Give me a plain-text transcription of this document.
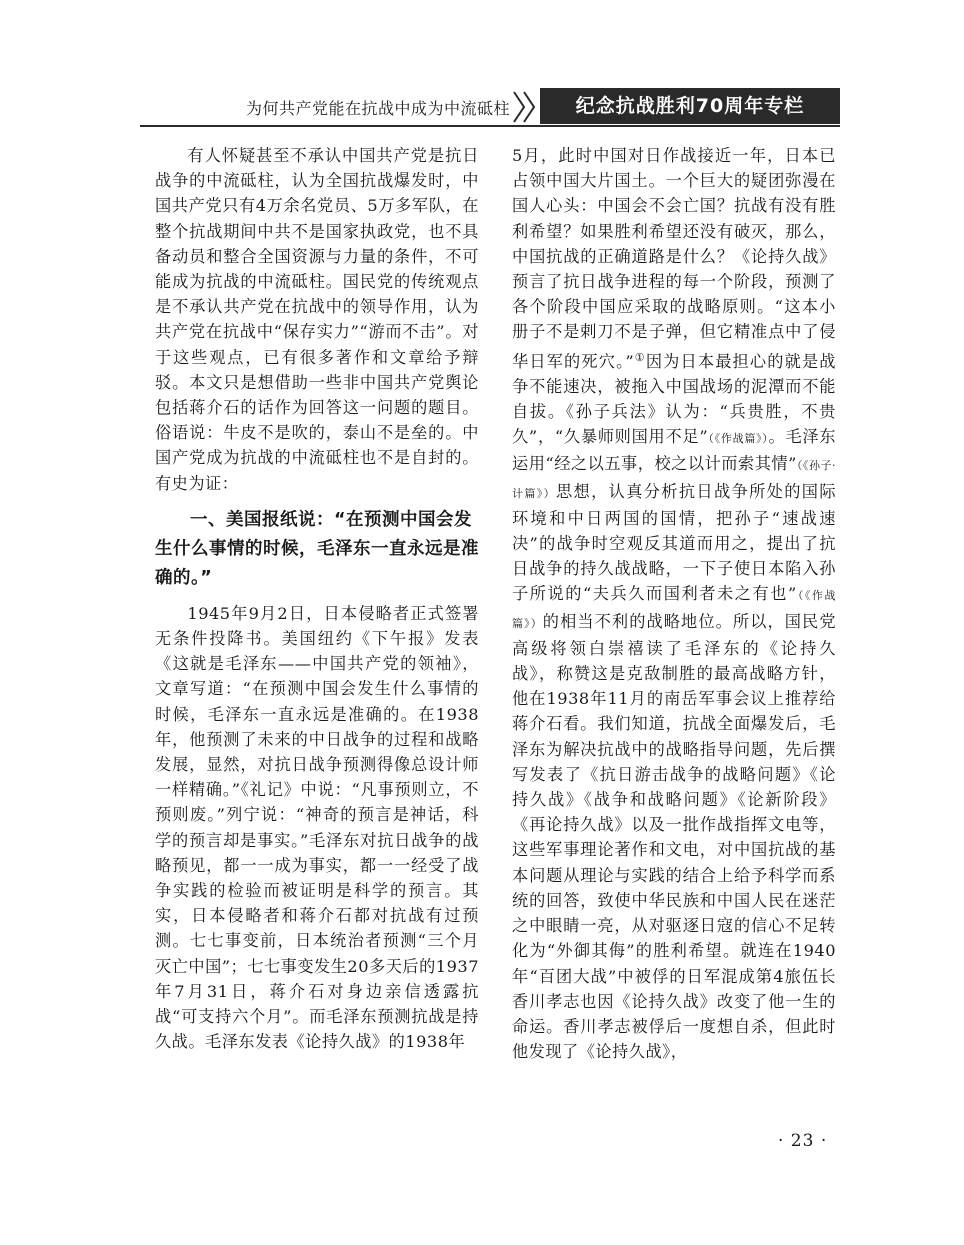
为何共产党能在抗战中成为中流砥柱	纪念抗战胜利70周年专栏

有人怀疑甚至不承认中国共产党是抗日战争的中流砥柱，认为全国抗战爆发时，中国共产党只有4万余名党员、5万多军队，在整个抗战期间中共不是国家执政党，也不具备动员和整合全国资源与力量的条件，不可能成为抗战的中流砥柱。国民党的传统观点是不承认共产党在抗战中的领导作用，认为共产党在抗战中“保存实力”“游而不击”。对于这些观点，已有很多著作和文章给予辩驳。本文只是想借助一些非中国共产党舆论包括蒋介石的话作为回答这一问题的题目。俗语说：牛皮不是吹的，泰山不是垒的。中国产党成为抗战的中流砥柱也不是自封的。有史为证：

一、美国报纸说：“在预测中国会发生什么事情的时候，毛泽东一直永远是准确的。”

1945年9月2日，日本侵略者正式签署无条件投降书。美国纽约《下午报》发表《这就是毛泽东——中国共产党的领袖》，文章写道：“在预测中国会发生什么事情的时候，毛泽东一直永远是准确的。在1938年，他预测了未来的中日战争的过程和战略发展，显然，对抗日战争预测得像总设计师一样精确。”《礼记》中说：“凡事预则立，不预则废。”列宁说：“神奇的预言是神话，科学的预言却是事实。”毛泽东对抗日战争的战略预见，都一一成为事实，都一一经受了战争实践的检验而被证明是科学的预言。其实，日本侵略者和蒋介石都对抗战有过预测。七七事变前，日本统治者预测“三个月灭亡中国”；七七事变发生20多天后的1937年7月31日，蒋介石对身边亲信透露抗战“可支持六个月”。而毛泽东预测抗战是持久战。毛泽东发表《论持久战》的1938年

5月，此时中国对日作战接近一年，日本已占领中国大片国土。一个巨大的疑团弥漫在国人心头：中国会不会亡国？抗战有没有胜利希望？如果胜利希望还没有破灭，那么，中国抗战的正确道路是什么？《论持久战》预言了抗日战争进程的每一个阶段，预测了各个阶段中国应采取的战略原则。“这本小册子不是剌刀不是子弹，但它精准点中了侵华日军的死穴。”①因为日本最担心的就是战争不能速决，被拖入中国战场的泥潭而不能自拔。《孙子兵法》认为：“兵贵胜，不贵久”，“久暴师则国用不足”（《作战篇》）。毛泽东运用“经之以五事，校之以计而索其情”（《孙子·计篇》）思想，认真分析抗日战争所处的国际环境和中日两国的国情，把孙子“速战速决”的战争时空观反其道而用之，提出了抗日战争的持久战战略，一下子使日本陷入孙子所说的“夫兵久而国利者未之有也”（《作战篇》）的相当不利的战略地位。所以，国民党高级将领白崇禧读了毛泽东的《论持久战》，称赞这是克敌制胜的最高战略方针，他在1938年11月的南岳军事会议上推荐给蒋介石看。我们知道，抗战全面爆发后，毛泽东为解决抗战中的战略指导问题，先后撰写发表了《抗日游击战争的战略问题》《论持久战》《战争和战略问题》《论新阶段》《再论持久战》以及一批作战指挥文电等，这些军事理论著作和文电，对中国抗战的基本问题从理论与实践的结合上给予科学而系统的回答，致使中华民族和中国人民在迷茫之中眼睛一亮，从对驱逐日寇的信心不足转化为“外御其侮”的胜利希望。就连在1940年“百团大战”中被俘的日军混成第4旅伍长香川孝志也因《论持久战》改变了他一生的命运。香川孝志被俘后一度想自杀，但此时他发现了《论持久战》，

· 23 ·
